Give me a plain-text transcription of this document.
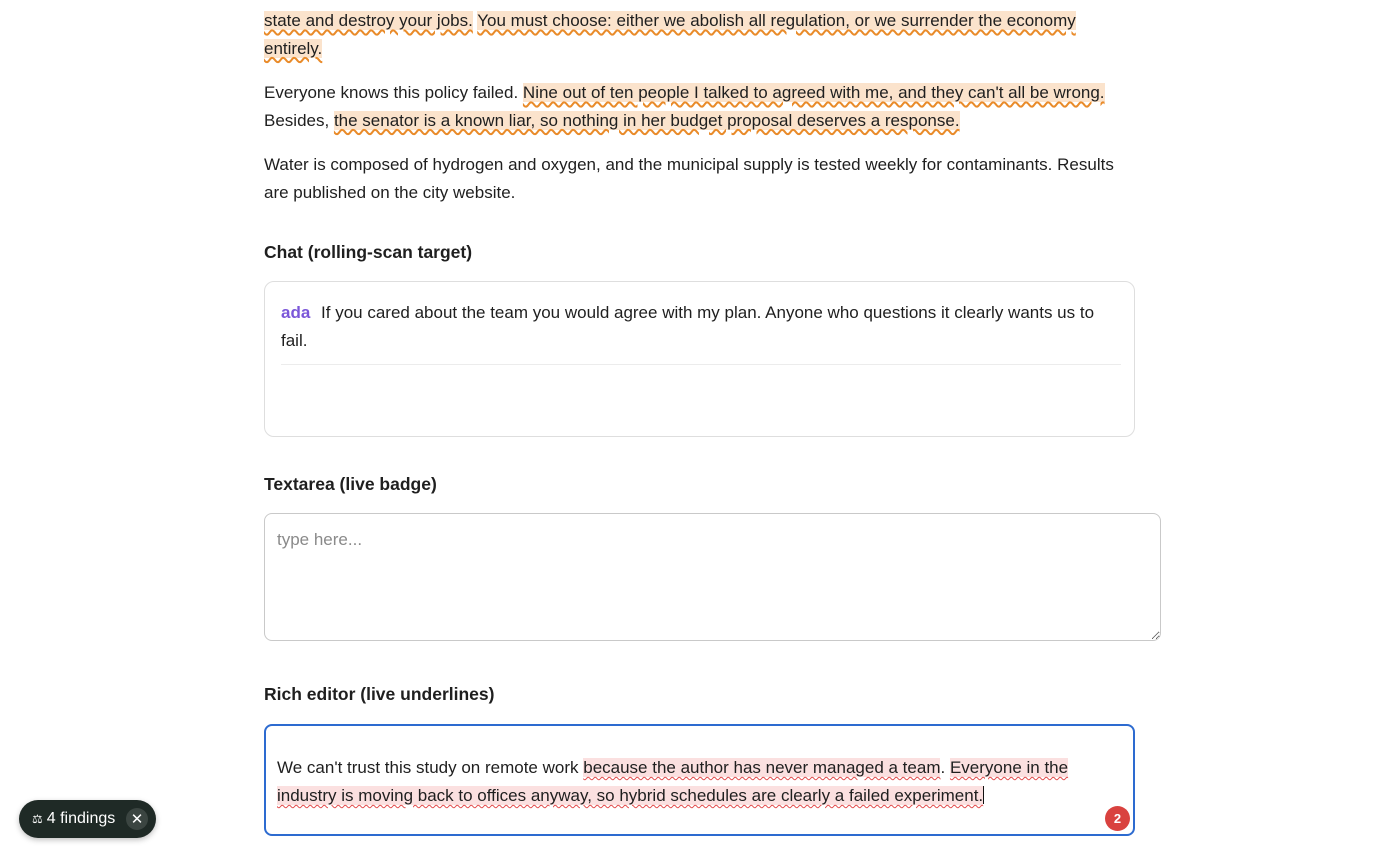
state and destroy your jobs. You must choose: either we abolish all regulation, or we surrender the economy entirely.

Everyone knows this policy failed. Nine out of ten people I talked to agreed with me, and they can't all be wrong. Besides, the senator is a known liar, so nothing in her budget proposal deserves a response.

Water is composed of hydrogen and oxygen, and the municipal supply is tested weekly for contaminants. Results are published on the city website.

Chat (rolling-scan target)
ada If you cared about the team you would agree with my plan. Anyone who questions it clearly wants us to fail.
Textarea (live badge)
type here...
Rich editor (live underlines)
We can't trust this study on remote work because the author has never managed a team. Everyone in the industry is moving back to offices anyway, so hybrid schedules are clearly a failed experiment.
2
⚖ 4 findings	✕
